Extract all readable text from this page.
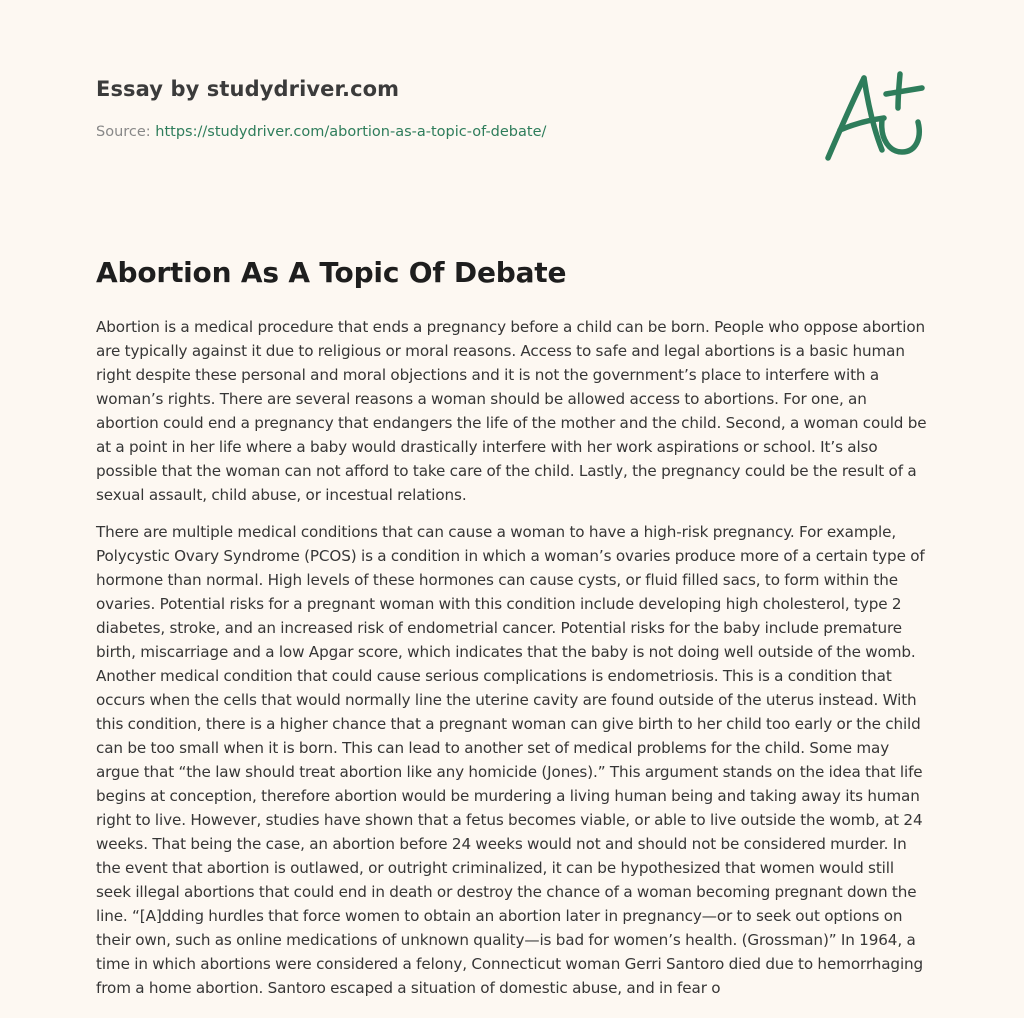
Essay by studydriver.com
Source: https://studydriver.com/abortion-as-a-topic-of-debate/
Abortion As A Topic Of Debate

Abortion is a medical procedure that ends a pregnancy before a child can be born. People who oppose abortion are typically against it due to religious or moral reasons. Access to safe and legal abortions is a basic human right despite these personal and moral objections and it is not the government’s place to interfere with a woman’s rights. There are several reasons a woman should be allowed access to abortions. For one, an abortion could end a pregnancy that endangers the life of the mother and the child. Second, a woman could be at a point in her life where a baby would drastically interfere with her work aspirations or school. It’s also possible that the woman can not afford to take care of the child. Lastly, the pregnancy could be the result of a sexual assault, child abuse, or incestual relations.

There are multiple medical conditions that can cause a woman to have a high-risk pregnancy. For example, Polycystic Ovary Syndrome (PCOS) is a condition in which a woman’s ovaries produce more of a certain type of hormone than normal. High levels of these hormones can cause cysts, or fluid filled sacs, to form within the ovaries. Potential risks for a pregnant woman with this condition include developing high cholesterol, type 2 diabetes, stroke, and an increased risk of endometrial cancer. Potential risks for the baby include premature birth, miscarriage and a low Apgar score, which indicates that the baby is not doing well outside of the womb. Another medical condition that could cause serious complications is endometriosis. This is a condition that occurs when the cells that would normally line the uterine cavity are found outside of the uterus instead. With this condition, there is a higher chance that a pregnant woman can give birth to her child too early or the child can be too small when it is born. This can lead to another set of medical problems for the child. Some may argue that “the law should treat abortion like any homicide (Jones).” This argument stands on the idea that life begins at conception, therefore abortion would be murdering a living human being and taking away its human right to live. However, studies have shown that a fetus becomes viable, or able to live outside the womb, at 24 weeks. That being the case, an abortion before 24 weeks would not and should not be considered murder. In the event that abortion is outlawed, or outright criminalized, it can be hypothesized that women would still seek illegal abortions that could end in death or destroy the chance of a woman becoming pregnant down the line. “[A]dding hurdles that force women to obtain an abortion later in pregnancy—or to seek out options on their own, such as online medications of unknown quality—is bad for women’s health. (Grossman)” In 1964, a time in which abortions were considered a felony, Connecticut woman Gerri Santoro died due to hemorrhaging from a home abortion. Santoro escaped a situation of domestic abuse, and in fear o
